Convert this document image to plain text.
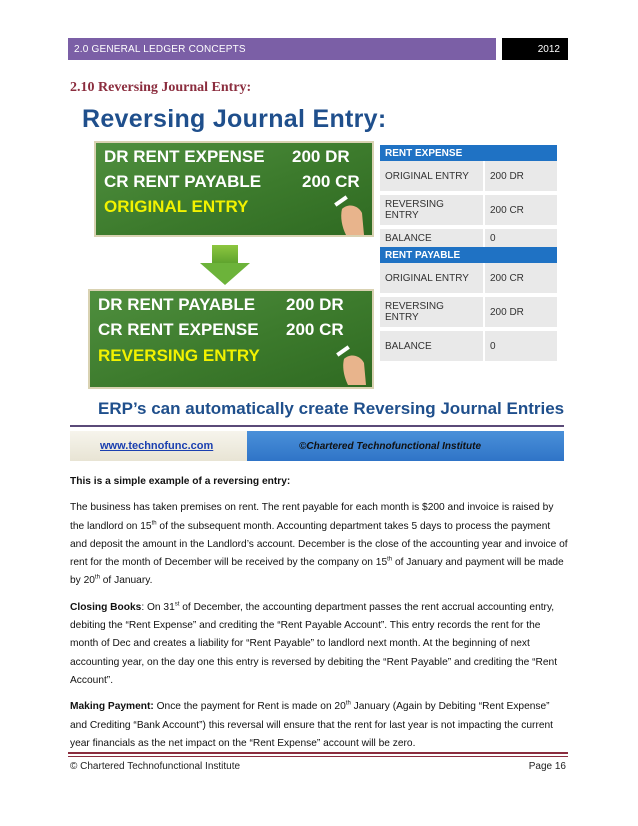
2.0 GENERAL LEDGER CONCEPTS	2012
2.10 Reversing Journal Entry:
Reversing Journal Entry:
DR RENT EXPENSE 200 DR
CR RENT PAYABLE 200 CR
ORIGINAL ENTRY
DR RENT PAYABLE 200 DR
CR RENT EXPENSE 200 CR
REVERSING ENTRY
RENT EXPENSE	
ORIGINAL ENTRY	200 DR

REVERSING ENTRY	200 CR

BALANCE	0
RENT PAYABLE	
ORIGINAL ENTRY	200 CR

REVERSING ENTRY	200 DR

BALANCE	0
ERP’s can automatically create Reversing Journal Entries
www.technofunc.com	©Chartered Technofunctional Institute

This is a simple example of a reversing entry:

The business has taken premises on rent. The rent payable for each month is $200 and invoice is raised by the landlord on 15th of the subsequent month. Accounting department takes 5 days to process the payment and deposit the amount in the Landlord’s account. December is the close of the accounting year and invoice of rent for the month of December will be received by the company on 15th of January and payment will be made by 20th of January.

Closing Books: On 31st of December, the accounting department passes the rent accrual accounting entry, debiting the “Rent Expense” and crediting the “Rent Payable Account”. This entry records the rent for the month of Dec and creates a liability for “Rent Payable” to landlord next month. At the beginning of next accounting year, on the day one this entry is reversed by debiting the “Rent Payable” and crediting the “Rent Account”.

Making Payment: Once the payment for Rent is made on 20th January (Again by Debiting “Rent Expense” and Crediting “Bank Account”) this reversal will ensure that the rent for last year is not impacting the current year financials as the net impact on the “Rent Expense” account will be zero.

© Chartered Technofunctional Institute	Page 16
